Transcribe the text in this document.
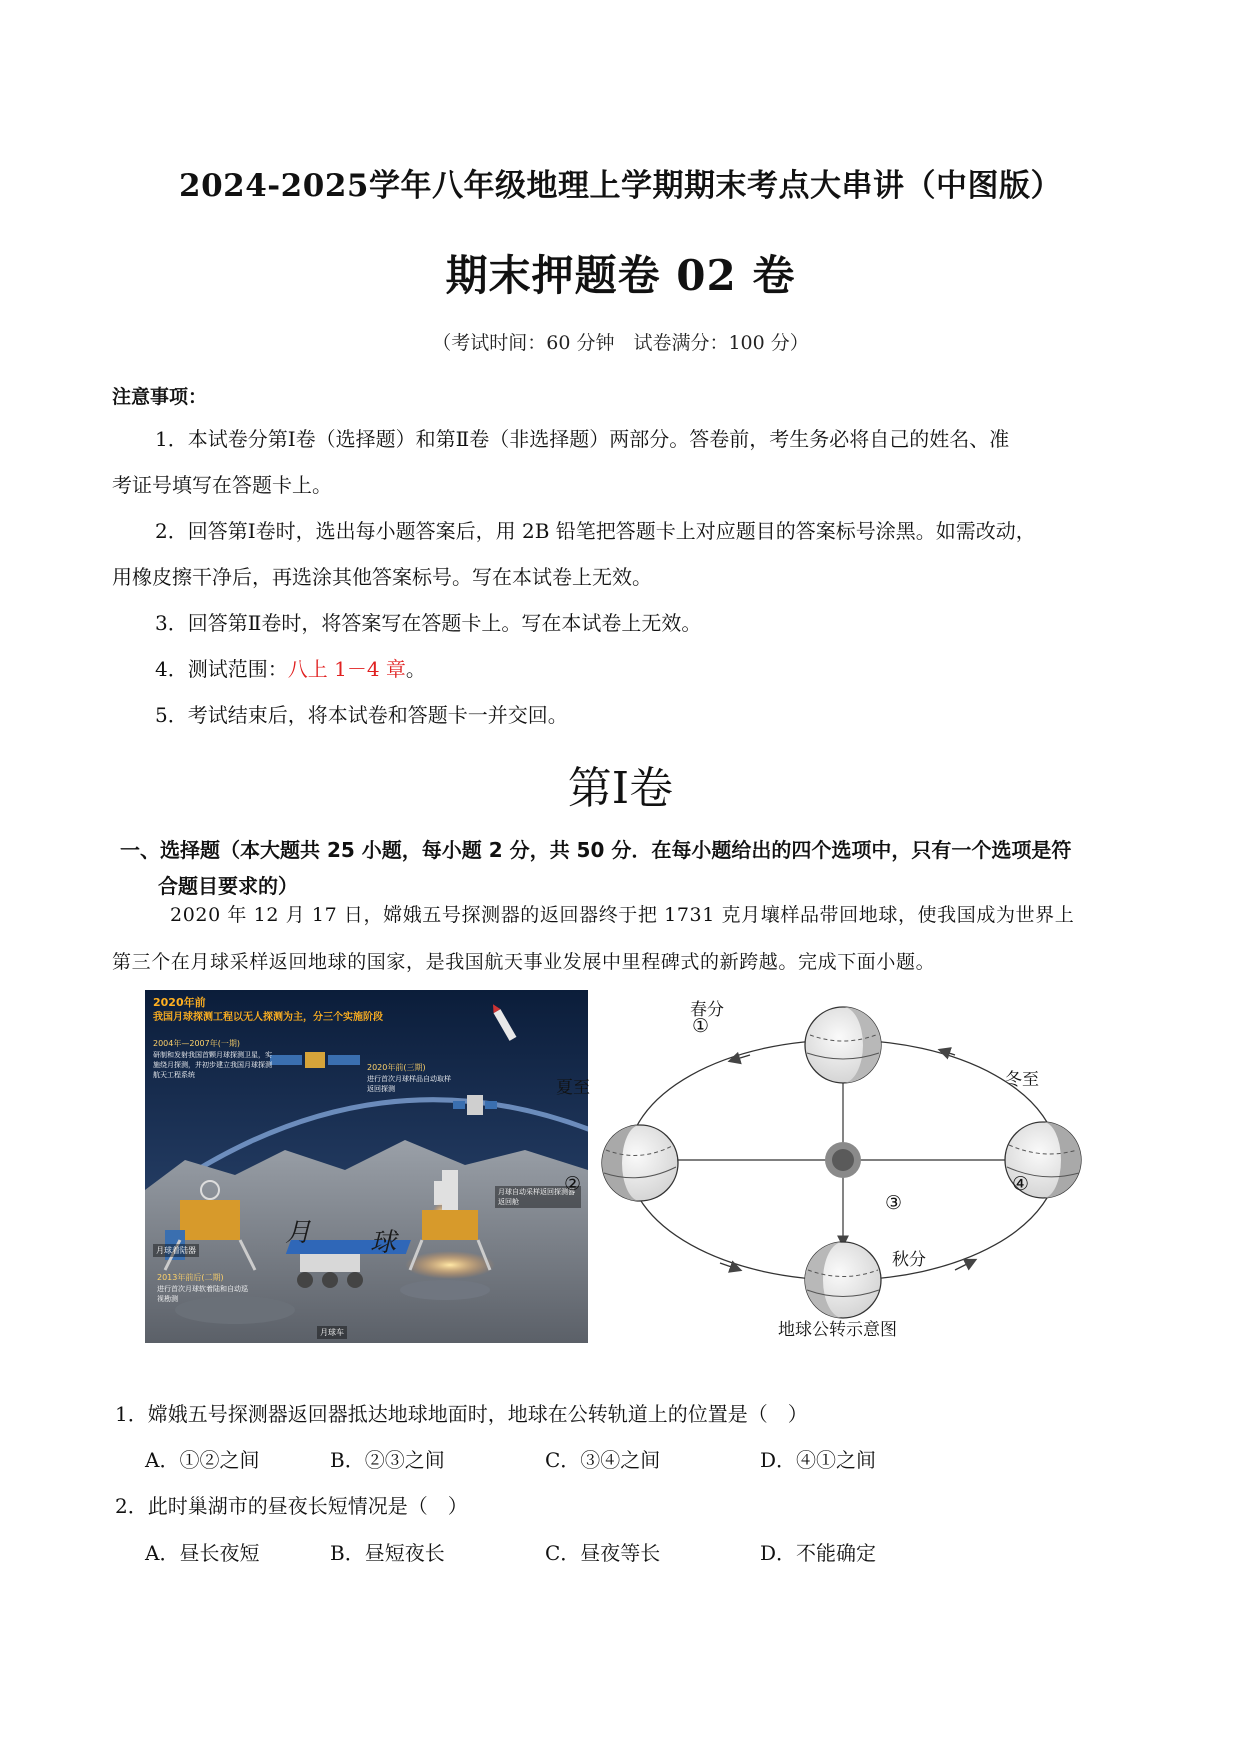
2024-2025学年八年级地理上学期期末考点大串讲（中图版）
期末押题卷 02 卷
（考试时间：60 分钟　试卷满分：100 分）
注意事项：
1．本试卷分第Ⅰ卷（选择题）和第Ⅱ卷（非选择题）两部分。答卷前，考生务必将自己的姓名、准
考证号填写在答题卡上。
2．回答第Ⅰ卷时，选出每小题答案后，用 2B 铅笔把答题卡上对应题目的答案标号涂黑。如需改动，
用橡皮擦干净后，再选涂其他答案标号。写在本试卷上无效。
3．回答第Ⅱ卷时，将答案写在答题卡上。写在本试卷上无效。
4．测试范围：八上 1－4 章。
5．考试结束后，将本试卷和答题卡一并交回。
第Ⅰ卷
一、选择题（本大题共 25 小题，每小题 2 分，共 50 分．在每小题给出的四个选项中，只有一个选项是符
合题目要求的）
2020 年 12 月 17 日，嫦娥五号探测器的返回器终于把 1731 克月壤样品带回地球，使我国成为世界上
第三个在月球采样返回地球的国家，是我国航天事业发展中里程碑式的新跨越。完成下面小题。
2020年前
我国月球探测工程以无人探测为主，分三个实施阶段
2004年—2007年(一期)
研制和发射我国首颗月球探测卫星，实施绕月探测，并初步建立我国月球探测航天工程系统
2020年前(三期)
进行首次月球样品自动取样返回探测
月球着陆器
2013年前后(二期)
进行首次月球软着陆和自动巡视勘测
月球车
月球自动采样返回探测器返回舱
月 球
春分
①
夏至
②
冬至
④
③
秋分
地球公转示意图
1．嫦娥五号探测器返回器抵达地球地面时，地球在公转轨道上的位置是（　）
A．①②之间	B．②③之间	C．③④之间	D．④①之间
2．此时巢湖市的昼夜长短情况是（　）
A．昼长夜短	B．昼短夜长	C．昼夜等长	D．不能确定
